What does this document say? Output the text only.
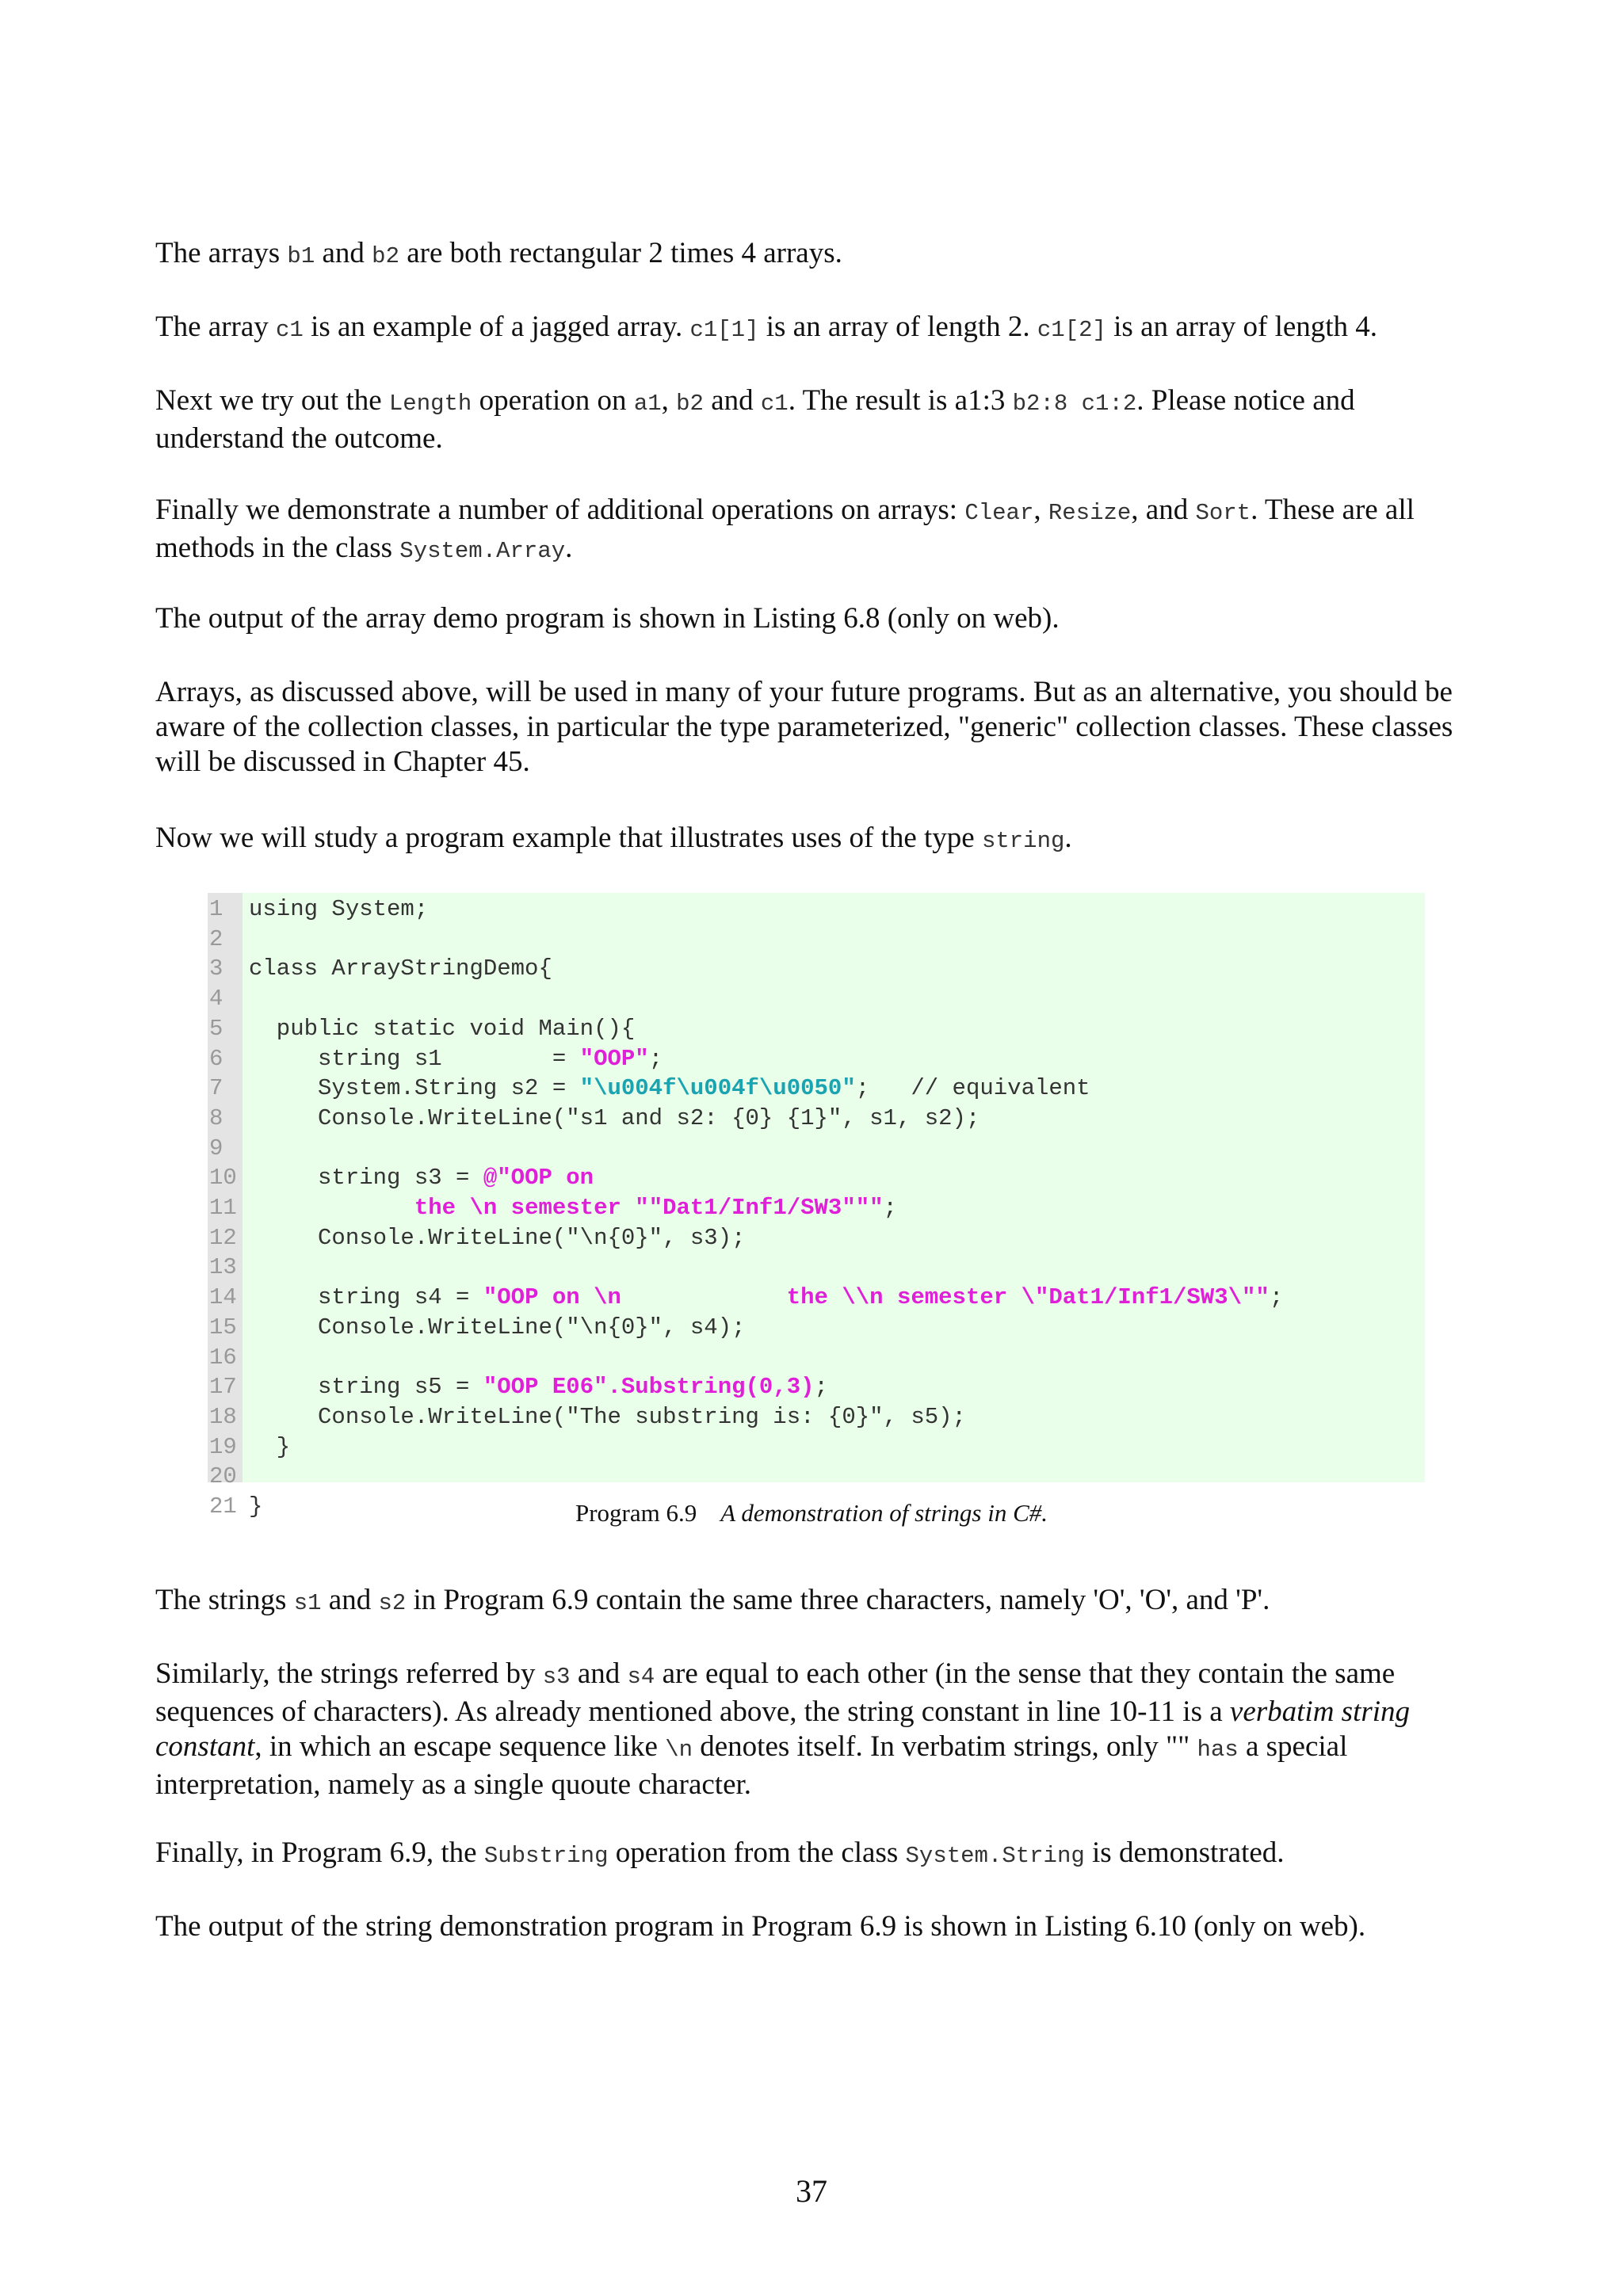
The arrays b1 and b2 are both rectangular 2 times 4 arrays.

The array c1 is an example of a jagged array. c1[1] is an array of length 2. c1[2] is an array of length 4.

Next we try out the Length operation on a1, b2 and c1. The result is a1:3 b2:8 c1:2. Please notice and understand the outcome.

Finally we demonstrate a number of additional operations on arrays: Clear, Resize, and Sort. These are all methods in the class System.Array.

The output of the array demo program is shown in Listing 6.8 (only on web).

Arrays, as discussed above, will be used in many of your future programs. But as an alternative, you should be aware of the collection classes, in particular the type parameterized, "generic" collection classes. These classes will be discussed in Chapter 45.

Now we will study a program example that illustrates uses of the type string.

1 using System;
2
3 class ArrayStringDemo{
4
5  public static void Main(){
6     string s1        = "OOP";
7     System.String s2 = "\u004f\u004f\u0050";   // equivalent
8     Console.WriteLine("s1 and s2: {0} {1}", s1, s2);
9
10     string s3 = @"OOP on
11	the \n semester ""Dat1/Inf1/SW3""";
12     Console.WriteLine("\n{0}", s3);
13
14     string s4 = "OOP on \n            the \\n semester \"Dat1/Inf1/SW3\"";
15     Console.WriteLine("\n{0}", s4);
16
17     string s5 = "OOP E06".Substring(0,3);
18     Console.WriteLine("The substring is: {0}", s5);
19  }
20
21 }	Program 6.9 A demonstration of strings in C#.

The strings s1 and s2 in Program 6.9 contain the same three characters, namely 'O', 'O', and 'P'.

Similarly, the strings referred by s3 and s4 are equal to each other (in the sense that they contain the same sequences of characters). As already mentioned above, the string constant in line 10-11 is a verbatim string constant, in which an escape sequence like \n denotes itself. In verbatim strings, only "" has a special interpretation, namely as a single quoute character.

Finally, in Program 6.9, the Substring operation from the class System.String is demonstrated.

The output of the string demonstration program in Program 6.9 is shown in Listing 6.10 (only on web).

37
